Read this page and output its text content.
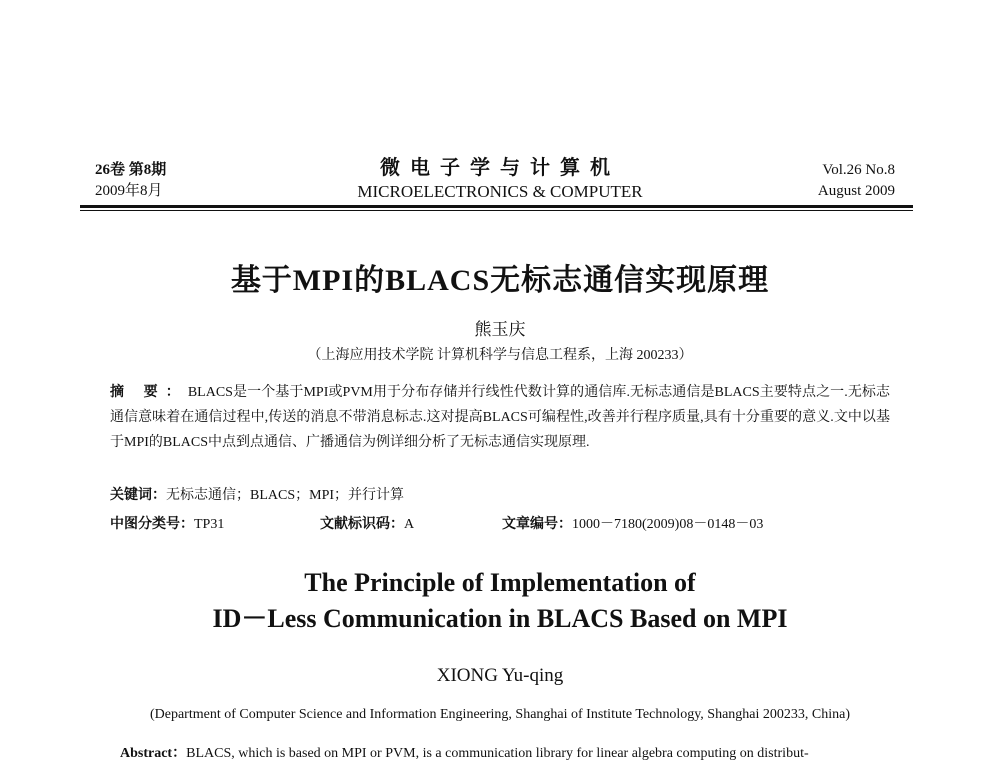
26卷 第8期
2009年8月
微电子学与计算机
MICROELECTRONICS & COMPUTER
Vol.26 No.8
August 2009
基于MPI的BLACS无标志通信实现原理
熊玉庆
（上海应用技术学院 计算机科学与信息工程系，上海 200233）
摘 要：BLACS是一个基于MPI或PVM用于分布存储并行线性代数计算的通信库.无标志通信是BLACS主要特点之一.无标志通信意味着在通信过程中,传送的消息不带消息标志.这对提高BLACS可编程性,改善并行程序质量,具有十分重要的意义.文中以基于MPI的BLACS中点到点通信、广播通信为例详细分析了无标志通信实现原理.
关键词：无标志通信；BLACS；MPI；并行计算
中图分类号：TP31	文献标识码：A	文章编号：1000－7180(2009)08－0148－03
The Principle of Implementation of
ID－Less Communication in BLACS Based on MPI
XIONG Yu-qing
(Department of Computer Science and Information Engineering, Shanghai of Institute Technology, Shanghai 200233, China)
Abstract：BLACS, which is based on MPI or PVM, is a communication library for linear algebra computing on distribut-
